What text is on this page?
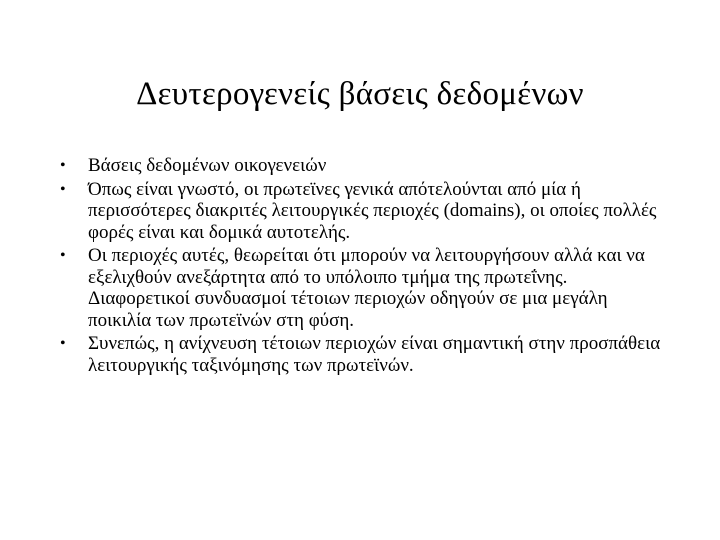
Δευτερογενείς βάσεις δεδομένων
• Βάσεις δεδομένων οικογενειών
• Όπως είναι γνωστό, οι πρωτεϊνες γενικά απότελούνται από μία ή περισσότερες διακριτές λειτουργικές περιοχές (domains), οι οποίες πολλές φορές είναι και δομικά αυτοτελής.
• Οι περιοχές αυτές, θεωρείται ότι μπορούν να λειτουργήσουν αλλά και να εξελιχθούν ανεξάρτητα από το υπόλοιπο τμήμα της πρωτεΐνης. Διαφορετικοί συνδυασμοί τέτοιων περιοχών οδηγούν σε μια μεγάλη ποικιλία των πρωτεϊνών στη φύση.
• Συνεπώς, η ανίχνευση τέτοιων περιοχών είναι σημαντική στην προσπάθεια λειτουργικής ταξινόμησης των πρωτεϊνών.
